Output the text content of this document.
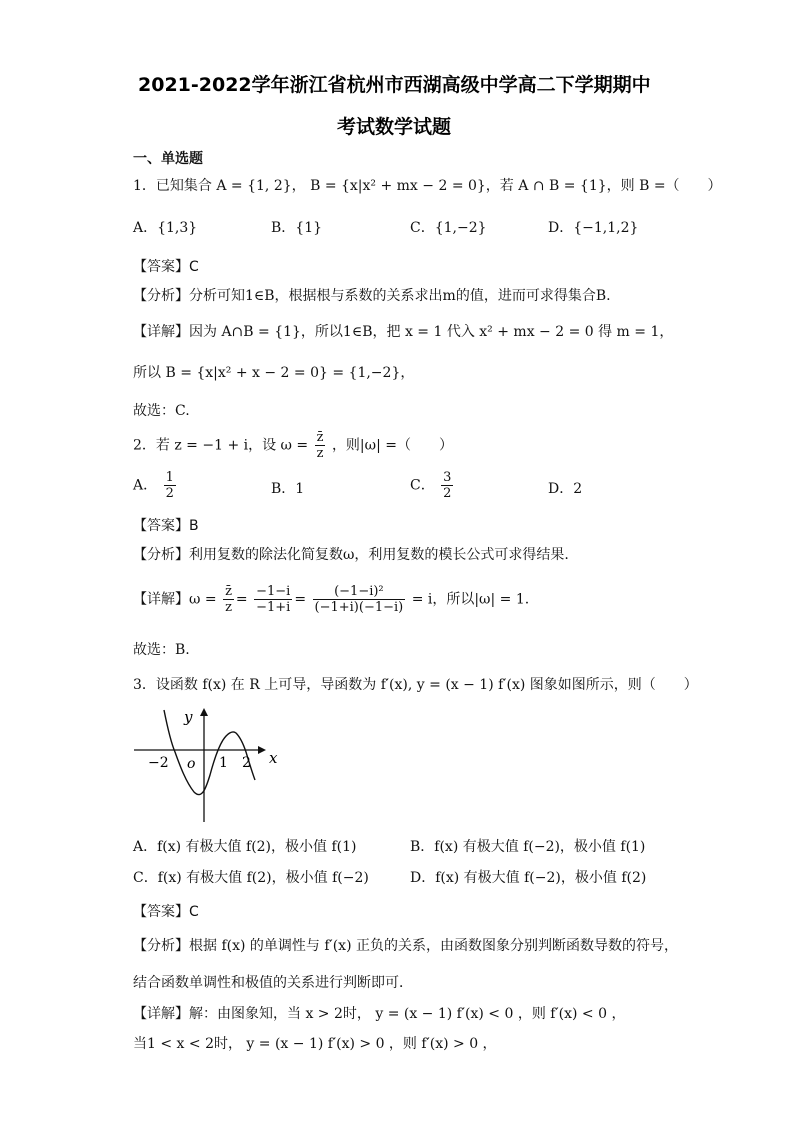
2021-2022学年浙江省杭州市西湖高级中学高二下学期期中
考试数学试题
一、单选题
1．已知集合 A = {1, 2}， B = {x|x² + mx − 2 = 0}，若 A ∩ B = {1}，则 B =（　　）
A．{1,3}	B．{1}	C．{1,−2}	D．{−1,1,2}
【答案】C
【分析】分析可知1∈B，根据根与系数的关系求出m的值，进而可求得集合B.
【详解】因为 A∩B = {1}，所以1∈B，把 x = 1 代入 x² + mx − 2 = 0 得 m = 1，
所以 B = {x|x² + x − 2 = 0} = {1,−2}，
故选：C.
2．若 z = −1 + i，设 $\omega = \frac{z̄}{z}$ ，则|ω| =（　　）
A． $\frac{1}{2}$	B．1	C． $\frac{3}{2}$	D．2
【答案】B
【分析】利用复数的除法化简复数ω，利用复数的模长公式可求得结果.
【详解】$\omega = \frac{z̄}{z} = \frac{-1-i}{-1+i} = \frac{\text{(−1−i)²}}{(-1+i)(-1-i)} = i$，所以|ω| = 1.
故选：B.
3．设函数 f(x) 在 R 上可导，导函数为 f′(x), y = (x − 1) f′(x) 图象如图所示，则（　　）
y
x
o
−2	1 2
A．f(x) 有极大值 f(2)，极小值 f(1)	B．f(x) 有极大值 f(−2)，极小值 f(1)
C．f(x) 有极大值 f(2)，极小值 f(−2)	D．f(x) 有极大值 f(−2)，极小值 f(2)
【答案】C
【分析】根据 f(x) 的单调性与 f′(x) 正负的关系，由函数图象分别判断函数导数的符号，
结合函数单调性和极值的关系进行判断即可．
【详解】解：由图象知，当 x > 2时， y = (x − 1) f′(x) < 0 ，则 f′(x) < 0 ，
当1 < x < 2时， y = (x − 1) f′(x) > 0 ，则 f′(x) > 0 ，
